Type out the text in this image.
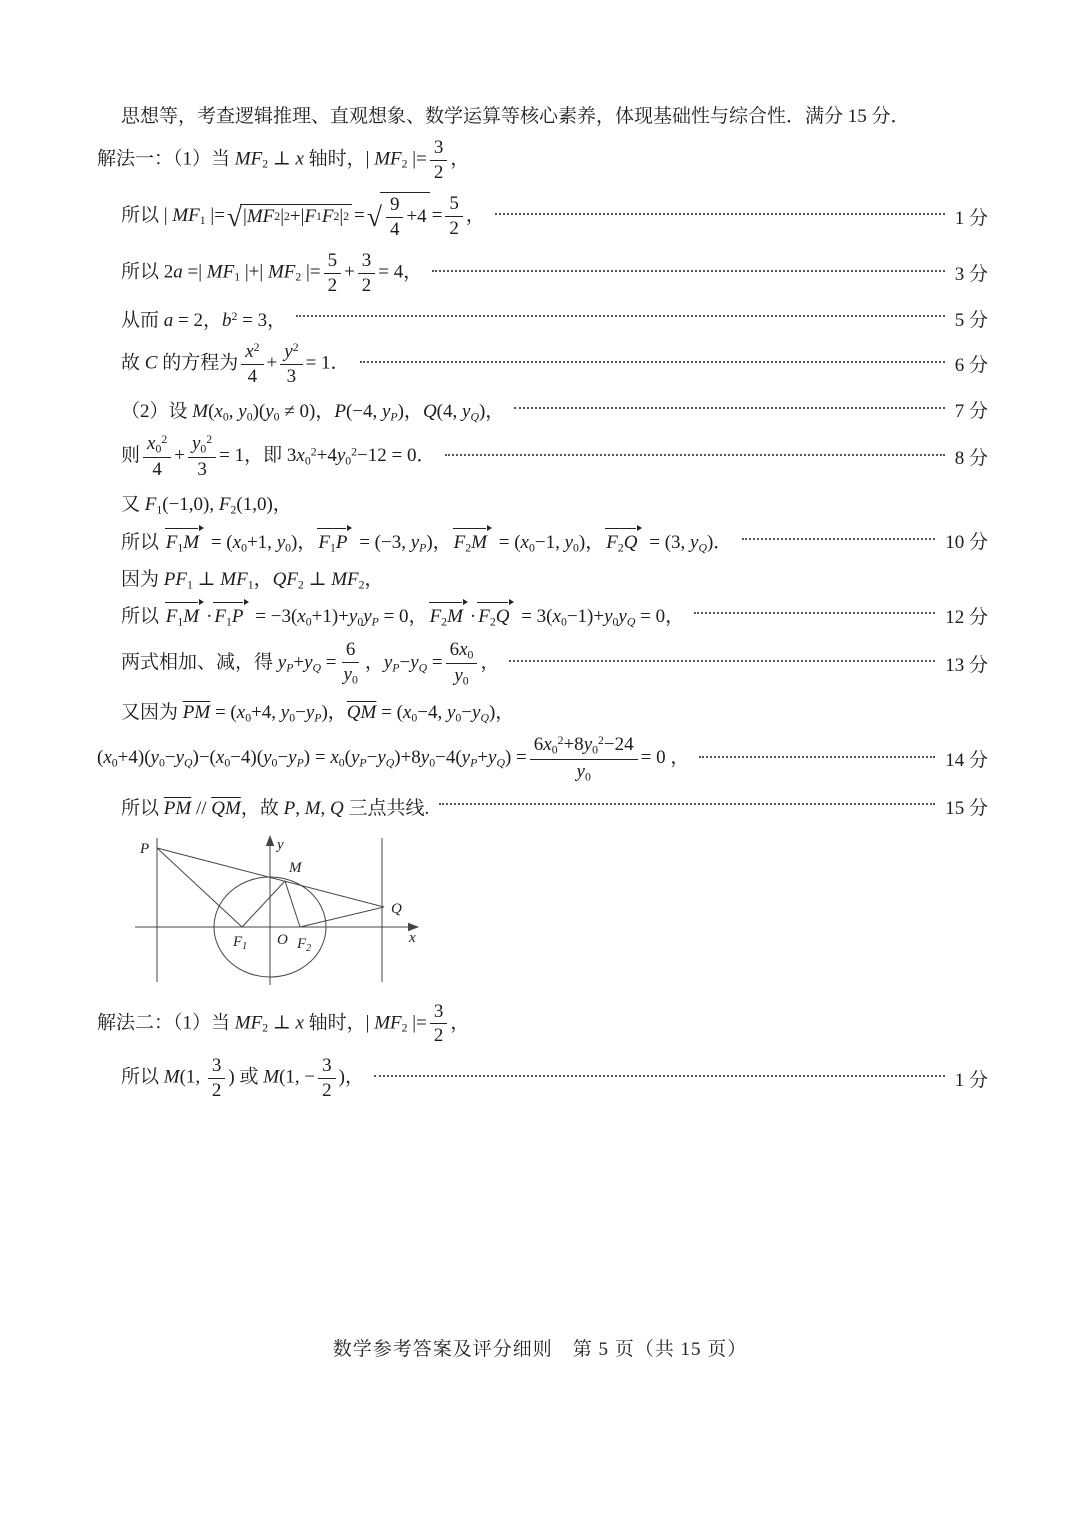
思想等，考查逻辑推理、直观想象、数学运算等核心素养，体现基础性与综合性．满分 15 分．
解法一：（1）当 $MF_2$ ⊥ x 轴时，| $MF_2$ |= $\frac{3}{2}$ ，
所以 | $MF_1$ |= √ | MF 2 | 2 +| F 1 F 2 | 2 = √ 9
4
$+4 = \frac{5}{2}$ ，	1 分
所以 2a =| $MF_1$ |+| $MF_2$ |= $\frac{5}{2} + \frac{3}{2} = 4$，	3 分
从而 a = 2，$b^2 = 3$，	5 分
故 C 的方程为 $\frac{x^2}{4} + \frac{y^2}{3} = 1$．	6 分
（2）设 $M(x_0$, $y_0)(y_0 \ne 0)$，P(−4, $y_P$)，Q(4, $y_Q$)，	7 分
则 $\frac{x_0^2}{4} + \frac{y_0^2}{3} = 1$，即 $3x_0^2+4y_0^2-12 = 0$．	8 分
又 $F_1(-1,0)$, $F_2(1,0)$，
所以 $F_1M = (x_0+1$, $y_0$)， $F_1P = (-3$, $y_P$)， $F_2M = (x_0-1$, $y_0$)， $F_2Q = (3$, $y_Q$)．	10 分
因为 $PF_1$ ⊥ $MF_1$，$QF_2$ ⊥ $MF_2$，
所以 $F_1M \cdot F_1P = -3(x_0+1)+y_0y_P = 0$， $F_2M \cdot F_2Q = 3(x_0-1)+y_0y_Q = 0$，	12 分
两式相加、减，得 $y_P+y_Q = \frac{6}{y_0}$ ，$y_P-y_Q = \frac{6x_0}{y_0}$ ，	13 分
又因为 $\overline{PM} = (x_0+4$, $y_0-y_P$)，$\overline{QM} = (x_0-4$, $y_0-y_Q$)，
$(x_0+4)(y_0-y_Q)-(x_0-4)(y_0-y_P) = x_0(y_P-y_Q)+8y_0-4(y_P+y_Q) = \frac{6x_0^2+8y_0^2-24}{y_0} = 0$ ，	14 分
所以 $\overline{PM} // \overline{QM}$，故 P, M, Q 三点共线.	15 分
P	y
M
Q
$F_1$ O $F_2$
x
解法二：（1）当 $MF_2$ ⊥ x 轴时，| $MF_2$ |= $\frac{3}{2}$ ，
所以 M(1, $\frac{3}{2}$ ) 或 M(1, − $\frac{3}{2}$ )，	1 分
数学参考答案及评分细则　第 5 页（共 15 页）
